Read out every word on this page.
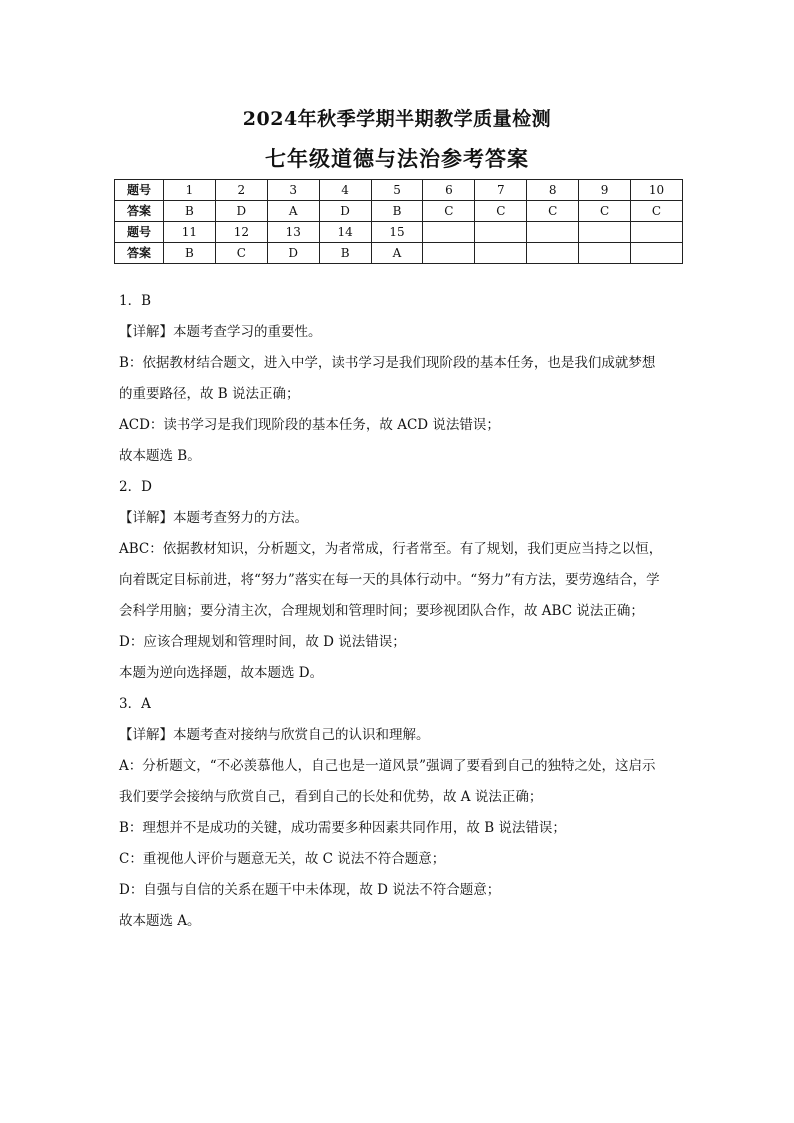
2024年秋季学期半期教学质量检测
七年级道德与法治参考答案
题号	1	2	3	4	5	6	7	8	9	10
答案	B	D	A	D	B	C	C	C	C	C
题号	11	12	13	14	15					
答案	B	C	D	B	A					
1．B
【详解】本题考查学习的重要性。
B：依据教材结合题文，进入中学，读书学习是我们现阶段的基本任务，也是我们成就梦想
的重要路径，故 B 说法正确；
ACD：读书学习是我们现阶段的基本任务，故 ACD 说法错误；
故本题选 B。
2．D
【详解】本题考查努力的方法。
ABC：依据教材知识，分析题文，为者常成，行者常至。有了规划，我们更应当持之以恒，
向着既定目标前进，将“努力”落实在每一天的具体行动中。“努力”有方法，要劳逸结合，学
会科学用脑；要分清主次，合理规划和管理时间；要珍视团队合作，故 ABC 说法正确；
D：应该合理规划和管理时间，故 D 说法错误；
本题为逆向选择题，故本题选 D。
3．A
【详解】本题考查对接纳与欣赏自己的认识和理解。
A：分析题文，“不必羡慕他人，自己也是一道风景”强调了要看到自己的独特之处，这启示
我们要学会接纳与欣赏自己，看到自己的长处和优势，故 A 说法正确；
B：理想并不是成功的关键，成功需要多种因素共同作用，故 B 说法错误；
C：重视他人评价与题意无关，故 C 说法不符合题意；
D：自强与自信的关系在题干中未体现，故 D 说法不符合题意；
故本题选 A。
